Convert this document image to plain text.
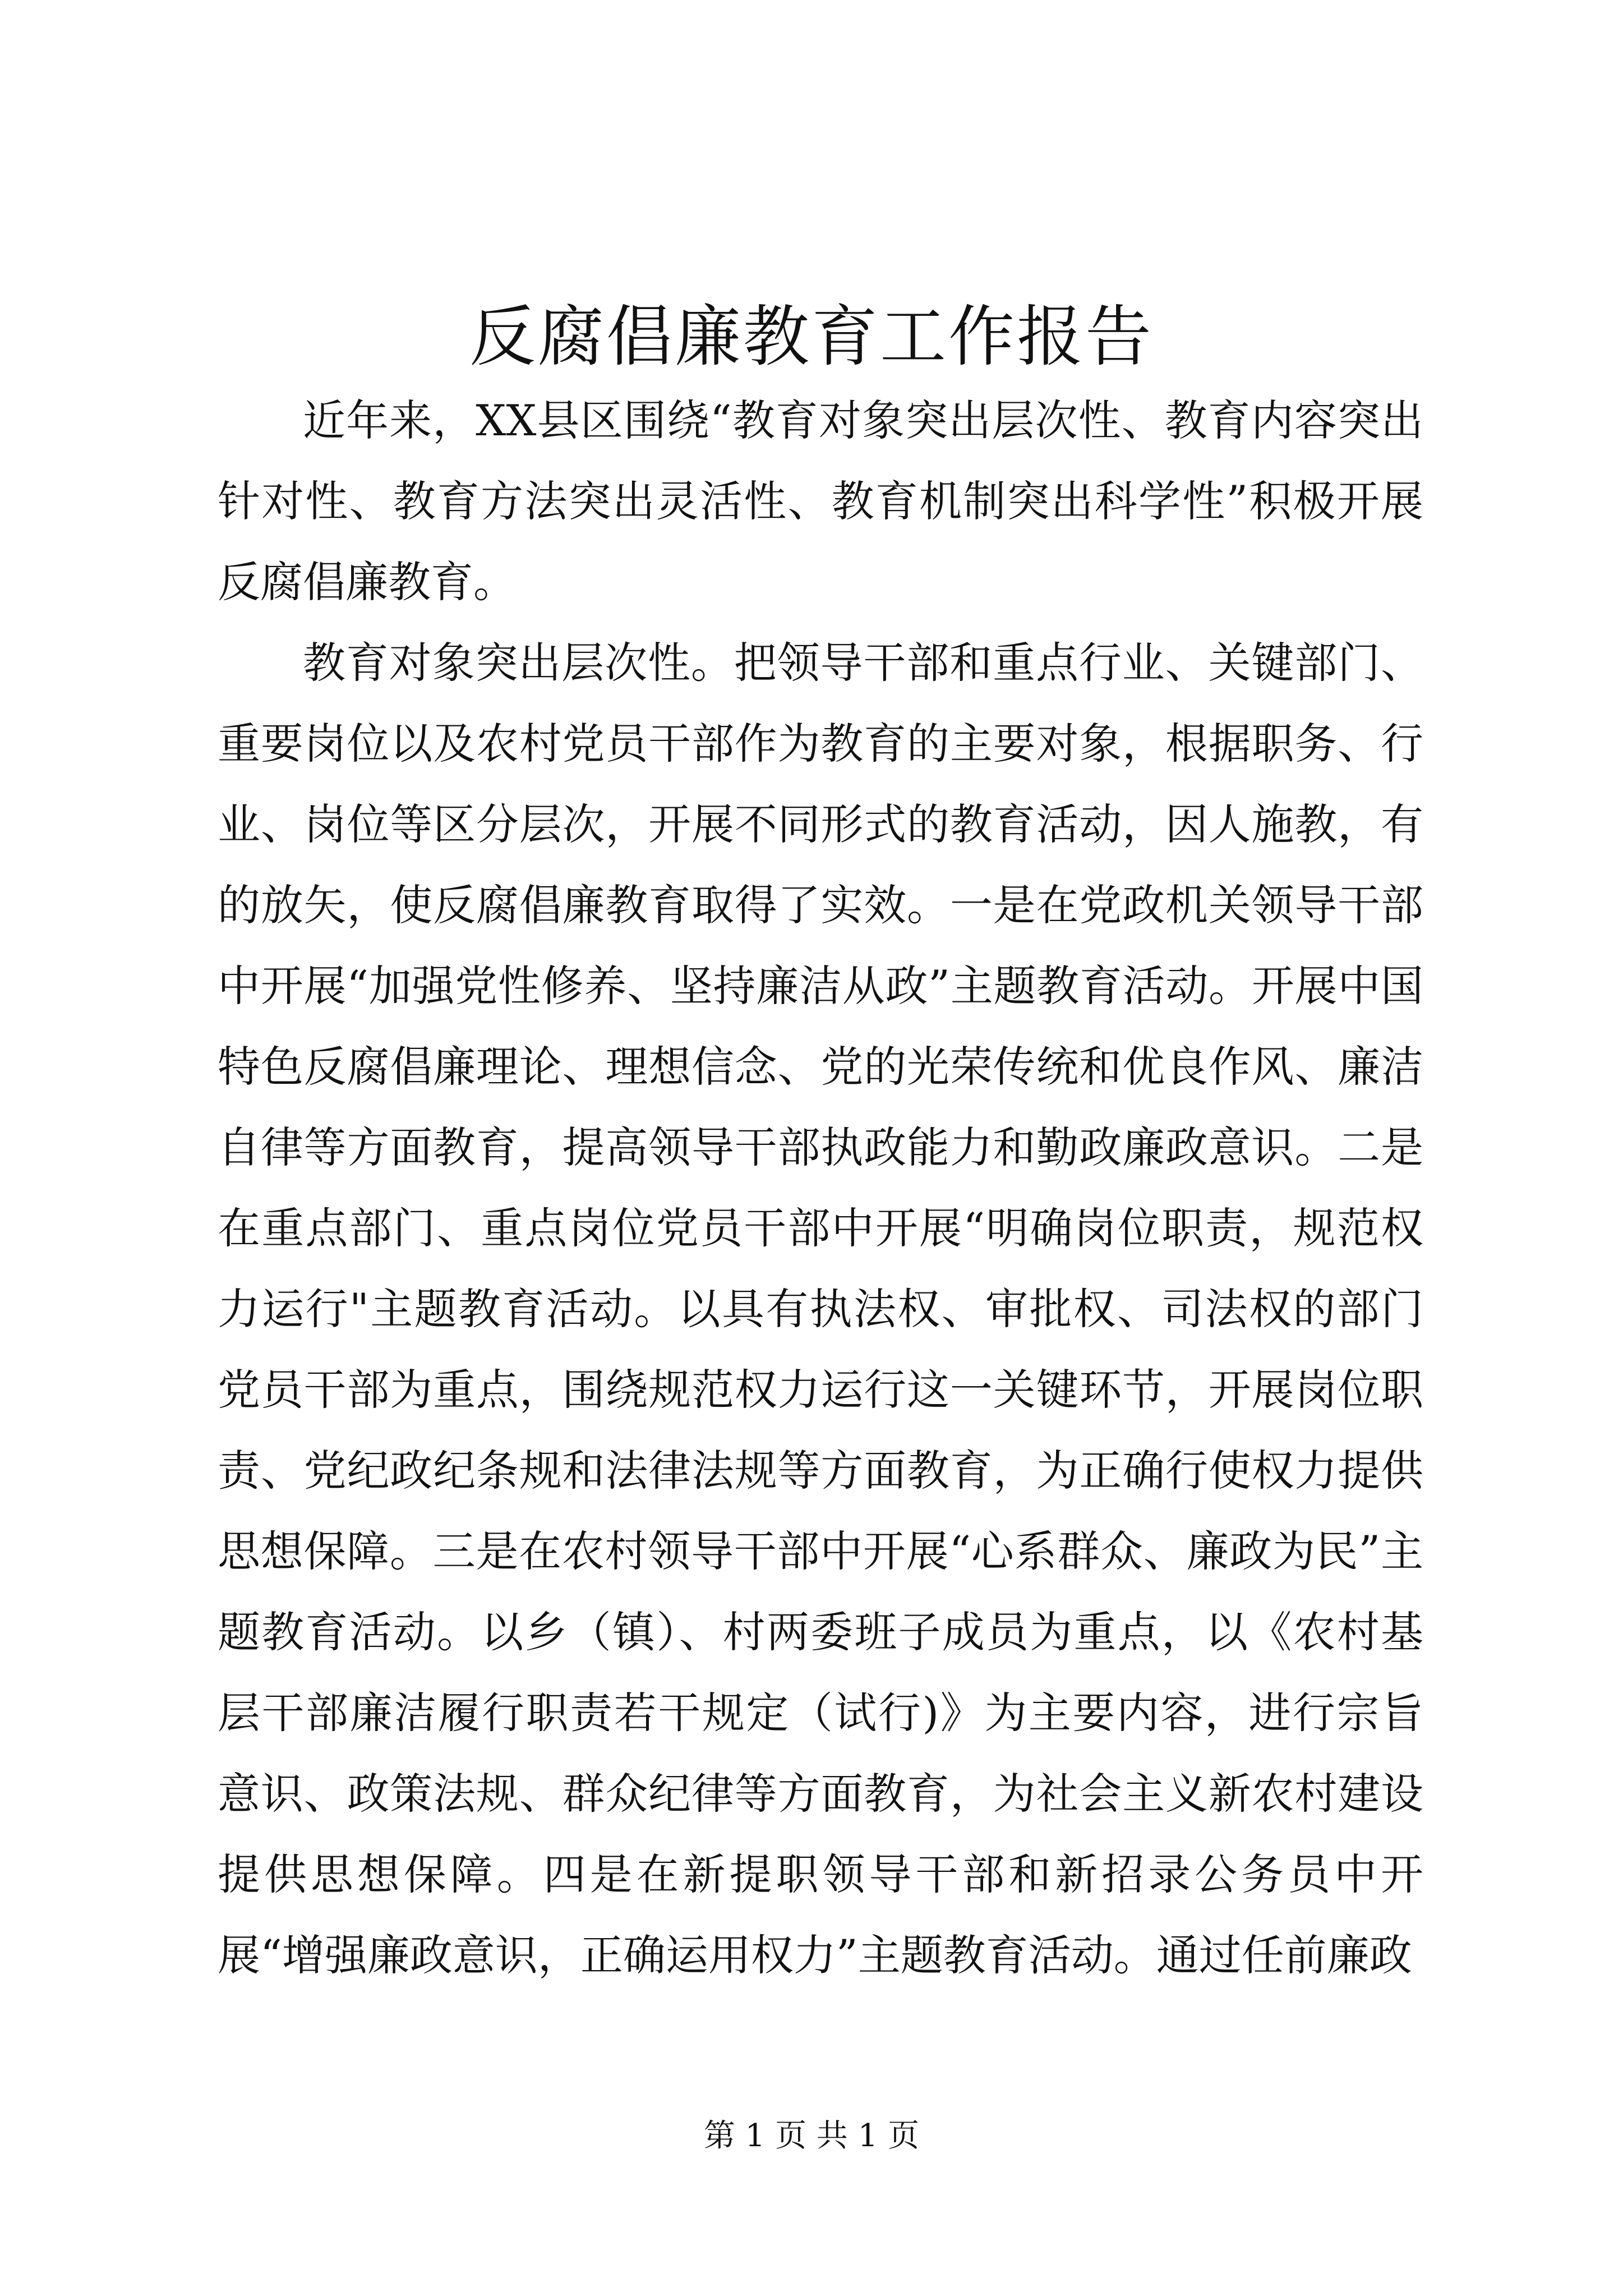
反腐倡廉教育工作报告

近年来，XX县区围绕“教育对象突出层次性、教育内容突出针对性、教育方法突出灵活性、教育机制突出科学性”积极开展反腐倡廉教育。

教育对象突出层次性。把领导干部和重点行业、关键部门、重要岗位以及农村党员干部作为教育的主要对象，根据职务、行业、岗位等区分层次，开展不同形式的教育活动，因人施教，有的放矢，使反腐倡廉教育取得了实效。一是在党政机关领导干部中开展“加强党性修养、坚持廉洁从政”主题教育活动。开展中国特色反腐倡廉理论、理想信念、党的光荣传统和优良作风、廉洁自律等方面教育，提高领导干部执政能力和勤政廉政意识。二是在重点部门、重点岗位党员干部中开展“明确岗位职责，规范权力运行"主题教育活动。以具有执法权、审批权、司法权的部门党员干部为重点，围绕规范权力运行这一关键环节，开展岗位职责、党纪政纪条规和法律法规等方面教育，为正确行使权力提供思想保障。三是在农村领导干部中开展“心系群众、廉政为民”主题教育活动。以乡（镇）、村两委班子成员为重点，以《农村基层干部廉洁履行职责若干规定（试行)》为主要内容，进行宗旨意识、政策法规、群众纪律等方面教育，为社会主义新农村建设提供思想保障。四是在新提职领导干部和新招录公务员中开展“增强廉政意识，正确运用权力”主题教育活动。通过任前廉政

第 1 页 共 1 页
